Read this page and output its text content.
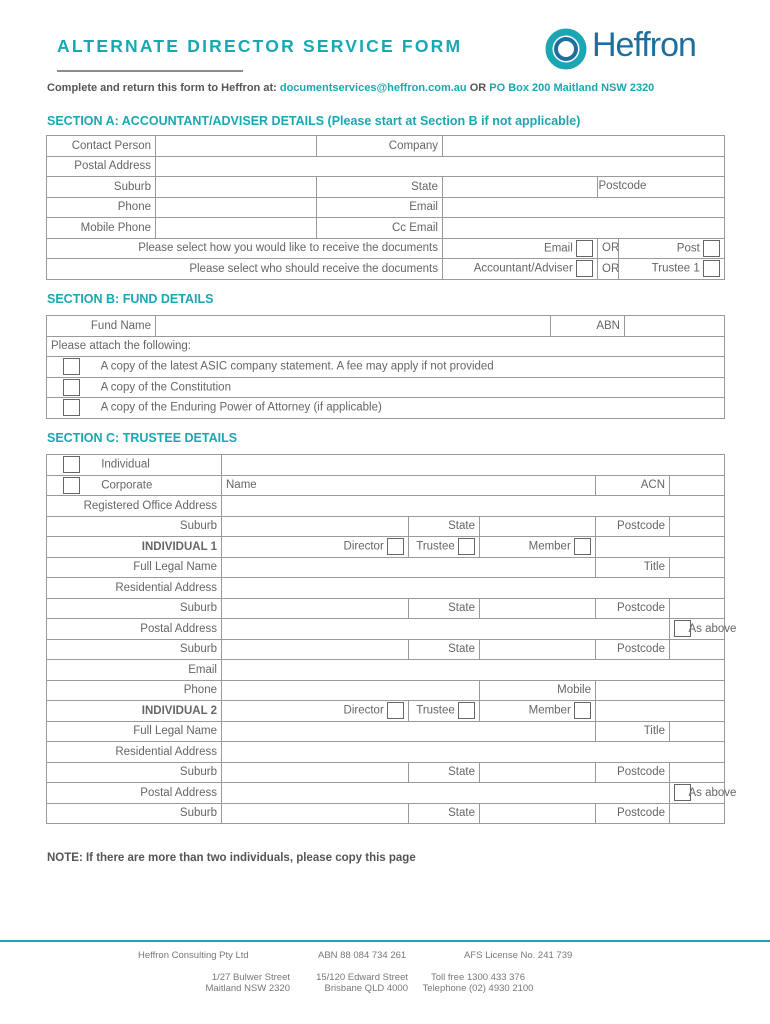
ALTERNATE DIRECTOR SERVICE FORM	Heffron
Complete and return this form to Heffron at: documentservices@heffron.com.au OR PO Box 200 Maitland NSW 2320
SECTION A: ACCOUNTANT/ADVISER DETAILS (Please start at Section B if not applicable)
Contact Person		Company			
Postal Address					
Suburb		State			Postcode

Phone		Email			
Mobile Phone		Cc Email			
Please select how you would like to receive the documents			Email	OR	Post
Please select who should receive the documents			Accountant/Adviser	OR	Trustee 1
SECTION B: FUND DETAILS
Fund Name		ABN	
Please attach the following:
A copy of the latest ASIC company statement. A fee may apply if not provided
A copy of the Constitution
A copy of the Enduring Power of Attorney (if applicable)
SECTION C: TRUSTEE DETAILS
Individual						
Corporate	Name			ACN		
Registered Office Address						
Suburb		State		Postcode		
INDIVIDUAL 1	Director	Trustee	Member			
Full Legal Name				Title		
Residential Address						
Suburb		State		Postcode		
Postal Address						As above
Suburb		State		Postcode		
Email						
Phone			Mobile			
INDIVIDUAL 2	Director	Trustee	Member			
Full Legal Name				Title		
Residential Address						
Suburb		State		Postcode		
Postal Address						As above
Suburb		State		Postcode		
NOTE: If there are more than two individuals, please copy this page
Heffron Consulting Pty Ltd	ABN 88 084 734 261	AFS License No. 241 739
1/27 Bulwer Street
Maitland NSW 2320
15/120 Edward Street
Brisbane QLD 4000
Toll free 1300 433 376
Telephone (02) 4930 2100
